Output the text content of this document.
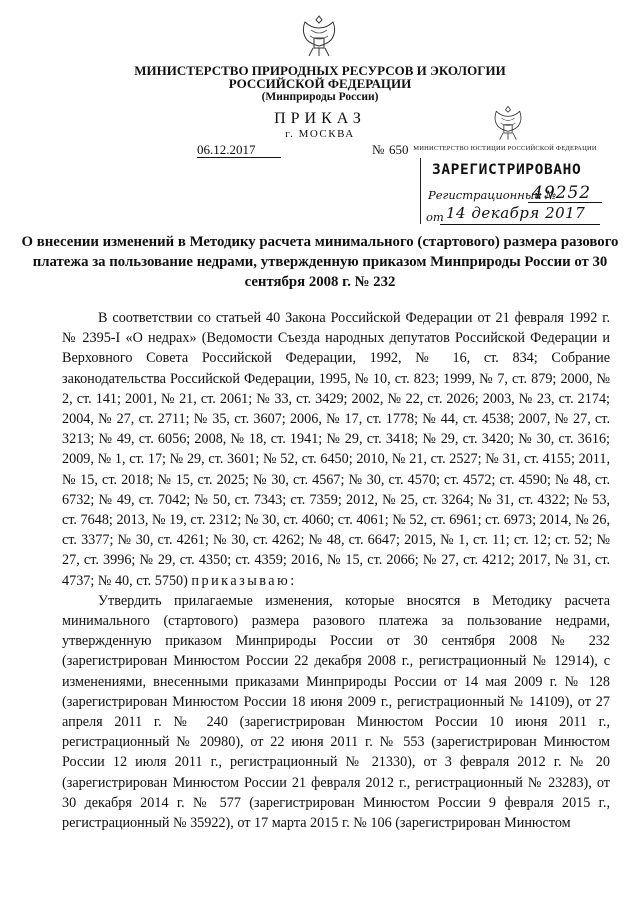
МИНИСТЕРСТВО ПРИРОДНЫХ РЕСУРСОВ И ЭКОЛОГИИ
РОССИЙСКОЙ ФЕДЕРАЦИИ
(Минприроды России)
ПРИКАЗ
г. МОСКВА
06.12.2017	№ 650 МИНИСТЕРСТВО ЮСТИЦИИ РОССИЙСКОЙ ФЕДЕРАЦИИ
ЗАРЕГИСТРИРОВАНО
Регистрационный №
49252
от 14 декабря 2017
О внесении изменений в Методику расчета минимального (стартового) размера разового платежа за пользование недрами, утвержденную приказом Минприроды России от 30 сентября 2008 г. № 232

В соответствии со статьей 40 Закона Российской Федерации от 21 февраля 1992 г. № 2395-I «О недрах» (Ведомости Съезда народных депутатов Российской Федерации и Верховного Совета Российской Федерации, 1992, № 16, ст. 834; Собрание законодательства Российской Федерации, 1995, № 10, ст. 823; 1999, № 7, ст. 879; 2000, № 2, ст. 141; 2001, № 21, ст. 2061; № 33, ст. 3429; 2002, № 22, ст. 2026; 2003, № 23, ст. 2174; 2004, № 27, ст. 2711; № 35, ст. 3607; 2006, № 17, ст. 1778; № 44, ст. 4538; 2007, № 27, ст. 3213; № 49, ст. 6056; 2008, № 18, ст. 1941; № 29, ст. 3418; № 29, ст. 3420; № 30, ст. 3616; 2009, № 1, ст. 17; № 29, ст. 3601; № 52, ст. 6450; 2010, № 21, ст. 2527; № 31, ст. 4155; 2011, № 15, ст. 2018; № 15, ст. 2025; № 30, ст. 4567; № 30, ст. 4570; ст. 4572; ст. 4590; № 48, ст. 6732; № 49, ст. 7042; № 50, ст. 7343; ст. 7359; 2012, № 25, ст. 3264; № 31, ст. 4322; № 53, ст. 7648; 2013, № 19, ст. 2312; № 30, ст. 4060; ст. 4061; № 52, ст. 6961; ст. 6973; 2014, № 26, ст. 3377; № 30, ст. 4261; № 30, ст. 4262; № 48, ст. 6647; 2015, № 1, ст. 11; ст. 12; ст. 52; № 27, ст. 3996; № 29, ст. 4350; ст. 4359; 2016, № 15, ст. 2066; № 27, ст. 4212; 2017, № 31, ст. 4737; № 40, ст. 5750) приказываю:

Утвердить прилагаемые изменения, которые вносятся в Методику расчета минимального (стартового) размера разового платежа за пользование недрами, утвержденную приказом Минприроды России от 30 сентября 2008 № 232 (зарегистрирован Минюстом России 22 декабря 2008 г., регистрационный № 12914), с изменениями, внесенными приказами Минприроды России от 14 мая 2009 г. № 128 (зарегистрирован Минюстом России 18 июня 2009 г., регистрационный № 14109), от 27 апреля 2011 г. № 240 (зарегистрирован Минюстом России 10 июня 2011 г., регистрационный № 20980), от 22 июня 2011 г. № 553 (зарегистрирован Минюстом России 12 июля 2011 г., регистрационный № 21330), от 3 февраля 2012 г. № 20 (зарегистрирован Минюстом России 21 февраля 2012 г., регистрационный № 23283), от 30 декабря 2014 г. № 577 (зарегистрирован Минюстом России 9 февраля 2015 г., регистрационный № 35922), от 17 марта 2015 г. № 106 (зарегистрирован Минюстом
